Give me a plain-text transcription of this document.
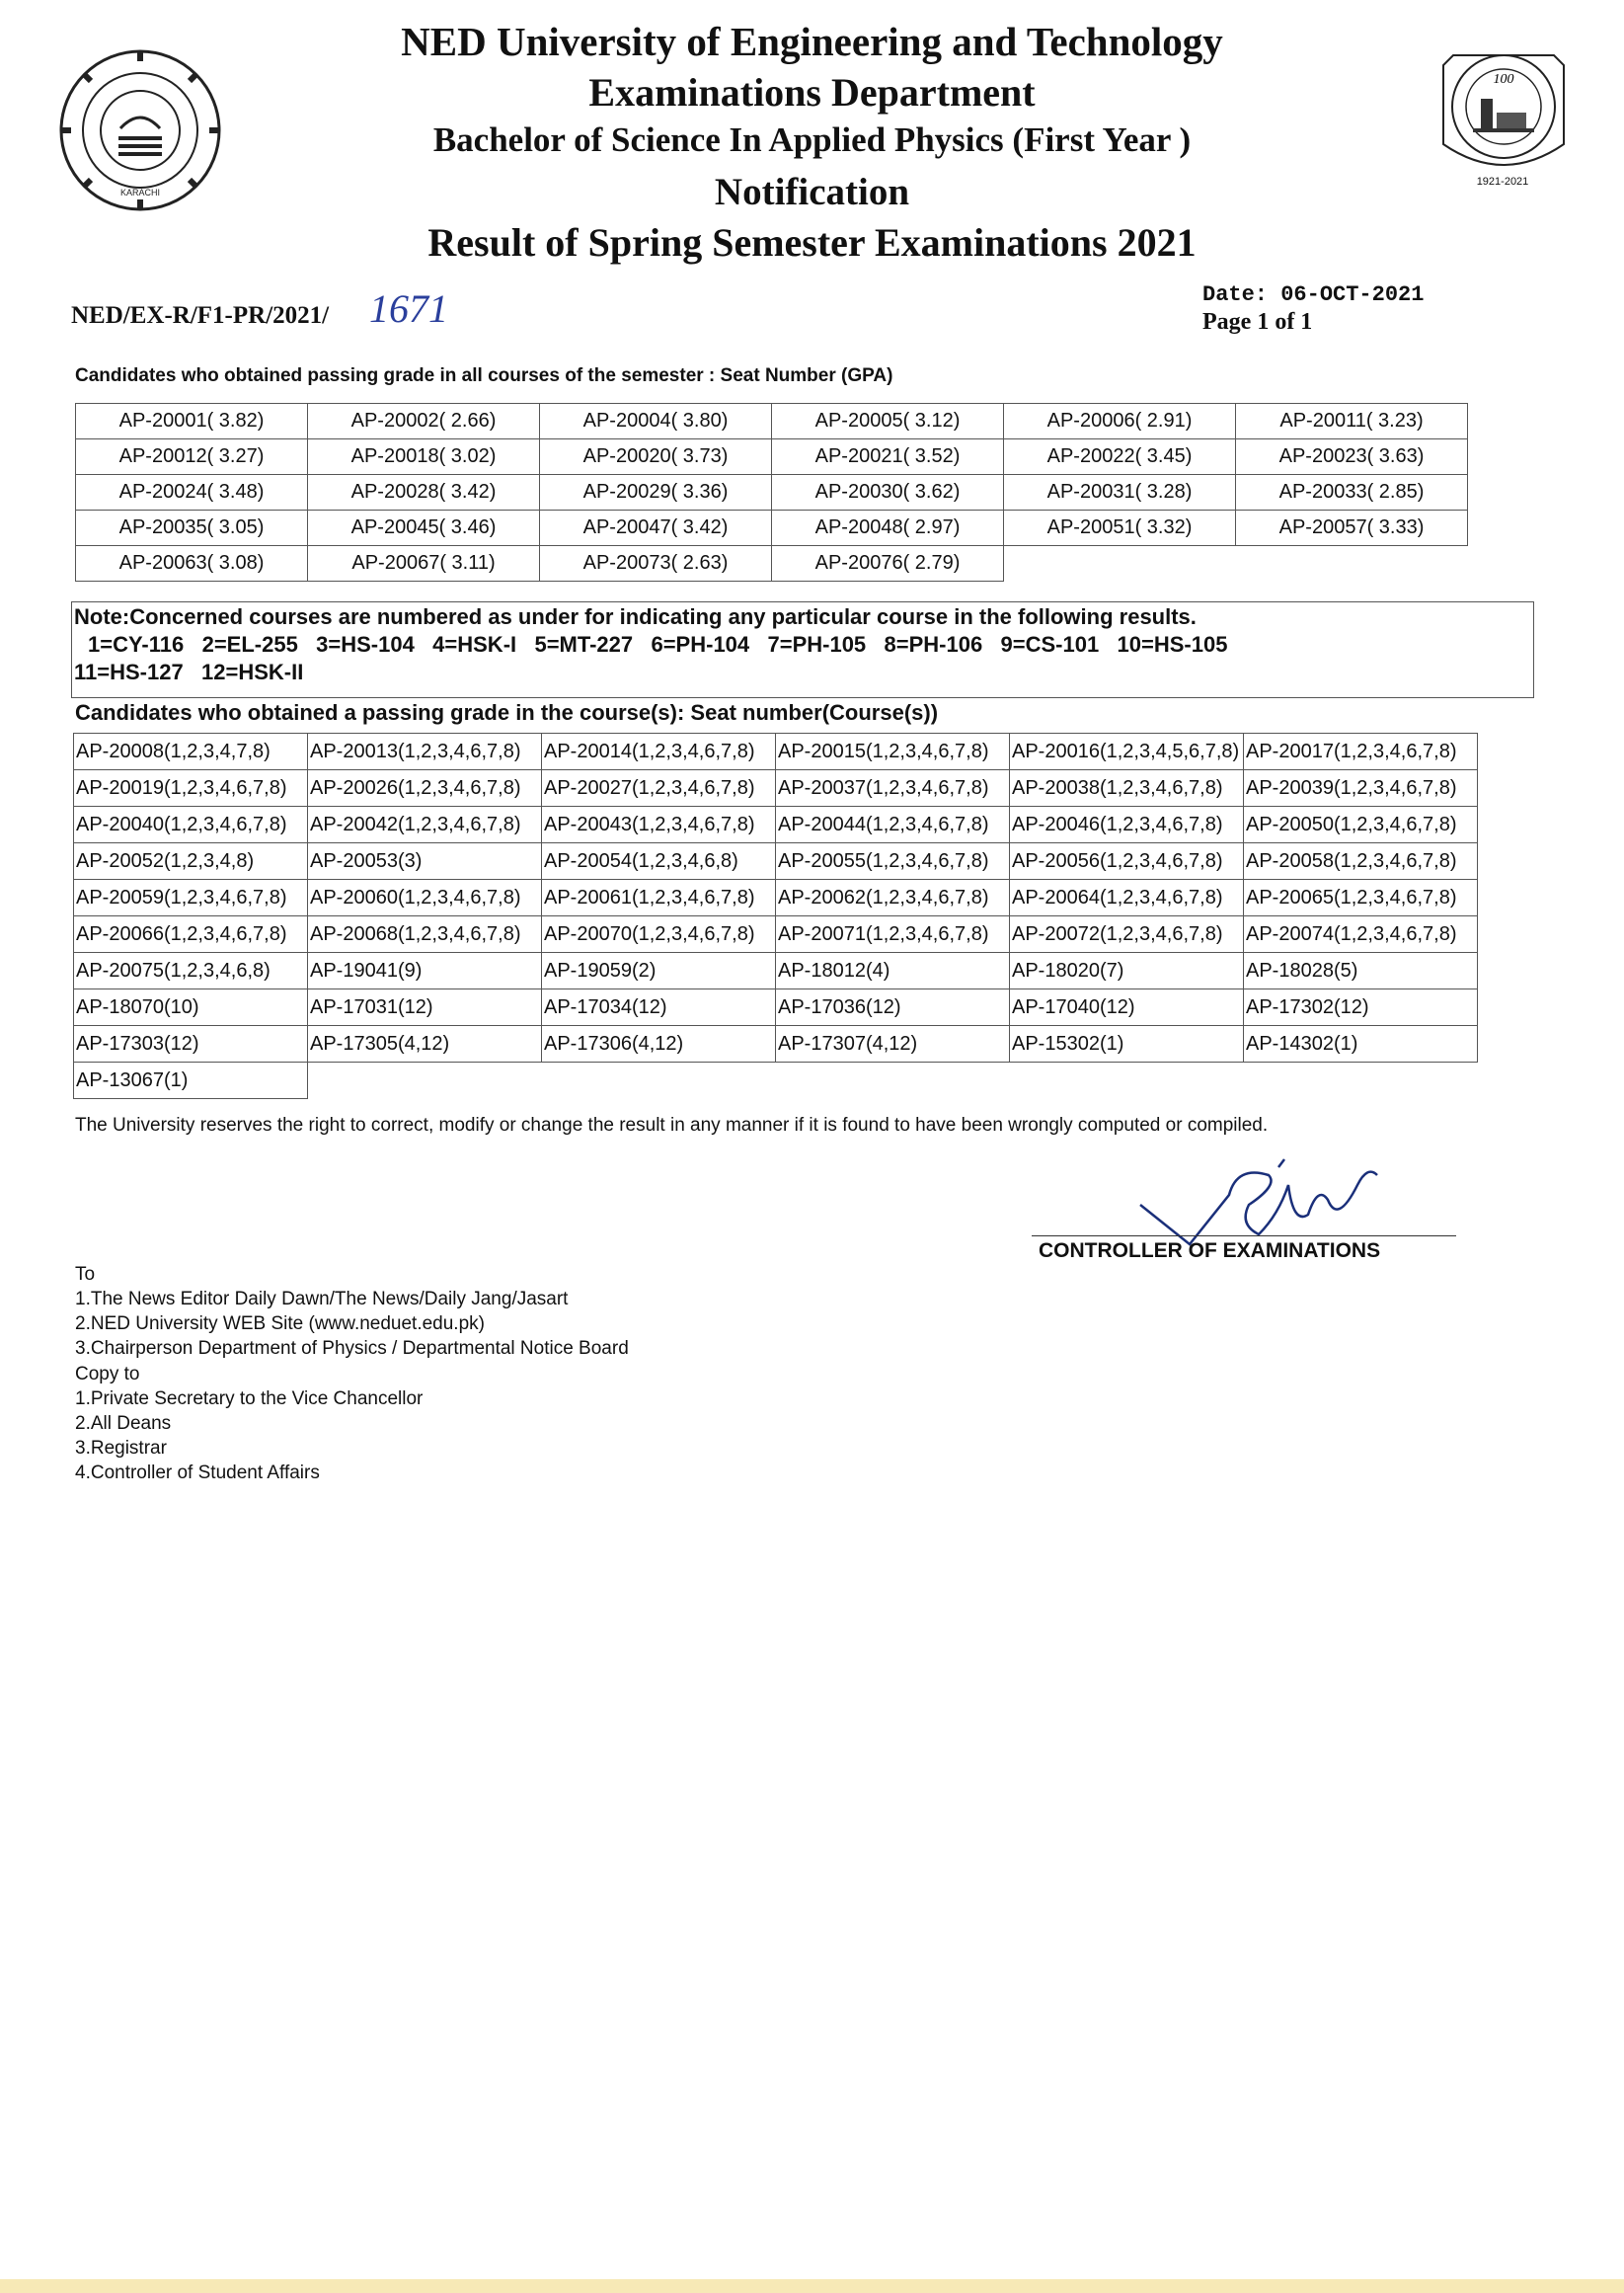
KARACHI
100
1921-2021
NED University of Engineering and Technology
Examinations Department
Bachelor of Science In Applied Physics (First Year )
Notification
Result of Spring Semester Examinations 2021
NED/EX-R/F1-PR/2021/ 1671	Date: 06-OCT-2021
Page 1 of 1
Candidates who obtained passing grade in all courses of the semester : Seat Number (GPA)
AP-20001( 3.82)	AP-20002( 2.66)	AP-20004( 3.80)	AP-20005( 3.12)	AP-20006( 2.91)	AP-20011( 3.23)
AP-20012( 3.27)	AP-20018( 3.02)	AP-20020( 3.73)	AP-20021( 3.52)	AP-20022( 3.45)	AP-20023( 3.63)
AP-20024( 3.48)	AP-20028( 3.42)	AP-20029( 3.36)	AP-20030( 3.62)	AP-20031( 3.28)	AP-20033( 2.85)
AP-20035( 3.05)	AP-20045( 3.46)	AP-20047( 3.42)	AP-20048( 2.97)	AP-20051( 3.32)	AP-20057( 3.33)
AP-20063( 3.08)	AP-20067( 3.11)	AP-20073( 2.63)	AP-20076( 2.79)		
Note:Concerned courses are numbered as under for indicating any particular course in the following results.
1=CY-116   2=EL-255   3=HS-104   4=HSK-I   5=MT-227   6=PH-104   7=PH-105   8=PH-106   9=CS-101   10=HS-105
11=HS-127   12=HSK-II
Candidates who obtained a passing grade in the course(s): Seat number(Course(s))
AP-20008(1,2,3,4,7,8)	AP-20013(1,2,3,4,6,7,8)	AP-20014(1,2,3,4,6,7,8)	AP-20015(1,2,3,4,6,7,8)	AP-20016(1,2,3,4,5,6,7,8)	AP-20017(1,2,3,4,6,7,8)
AP-20019(1,2,3,4,6,7,8)	AP-20026(1,2,3,4,6,7,8)	AP-20027(1,2,3,4,6,7,8)	AP-20037(1,2,3,4,6,7,8)	AP-20038(1,2,3,4,6,7,8)	AP-20039(1,2,3,4,6,7,8)
AP-20040(1,2,3,4,6,7,8)	AP-20042(1,2,3,4,6,7,8)	AP-20043(1,2,3,4,6,7,8)	AP-20044(1,2,3,4,6,7,8)	AP-20046(1,2,3,4,6,7,8)	AP-20050(1,2,3,4,6,7,8)
AP-20052(1,2,3,4,8)	AP-20053(3)	AP-20054(1,2,3,4,6,8)	AP-20055(1,2,3,4,6,7,8)	AP-20056(1,2,3,4,6,7,8)	AP-20058(1,2,3,4,6,7,8)
AP-20059(1,2,3,4,6,7,8)	AP-20060(1,2,3,4,6,7,8)	AP-20061(1,2,3,4,6,7,8)	AP-20062(1,2,3,4,6,7,8)	AP-20064(1,2,3,4,6,7,8)	AP-20065(1,2,3,4,6,7,8)
AP-20066(1,2,3,4,6,7,8)	AP-20068(1,2,3,4,6,7,8)	AP-20070(1,2,3,4,6,7,8)	AP-20071(1,2,3,4,6,7,8)	AP-20072(1,2,3,4,6,7,8)	AP-20074(1,2,3,4,6,7,8)
AP-20075(1,2,3,4,6,8)	AP-19041(9)	AP-19059(2)	AP-18012(4)	AP-18020(7)	AP-18028(5)
AP-18070(10)	AP-17031(12)	AP-17034(12)	AP-17036(12)	AP-17040(12)	AP-17302(12)
AP-17303(12)	AP-17305(4,12)	AP-17306(4,12)	AP-17307(4,12)	AP-15302(1)	AP-14302(1)
AP-13067(1)					
The University reserves the right to correct, modify or change the result in any manner if it is found to have been wrongly computed or compiled.
CONTROLLER OF EXAMINATIONS
To
1.The News Editor Daily Dawn/The News/Daily Jang/Jasart
2.NED University WEB Site (www.neduet.edu.pk)
3.Chairperson Department of Physics / Departmental Notice Board
Copy to
1.Private Secretary to the Vice Chancellor
2.All Deans
3.Registrar
4.Controller of Student Affairs
